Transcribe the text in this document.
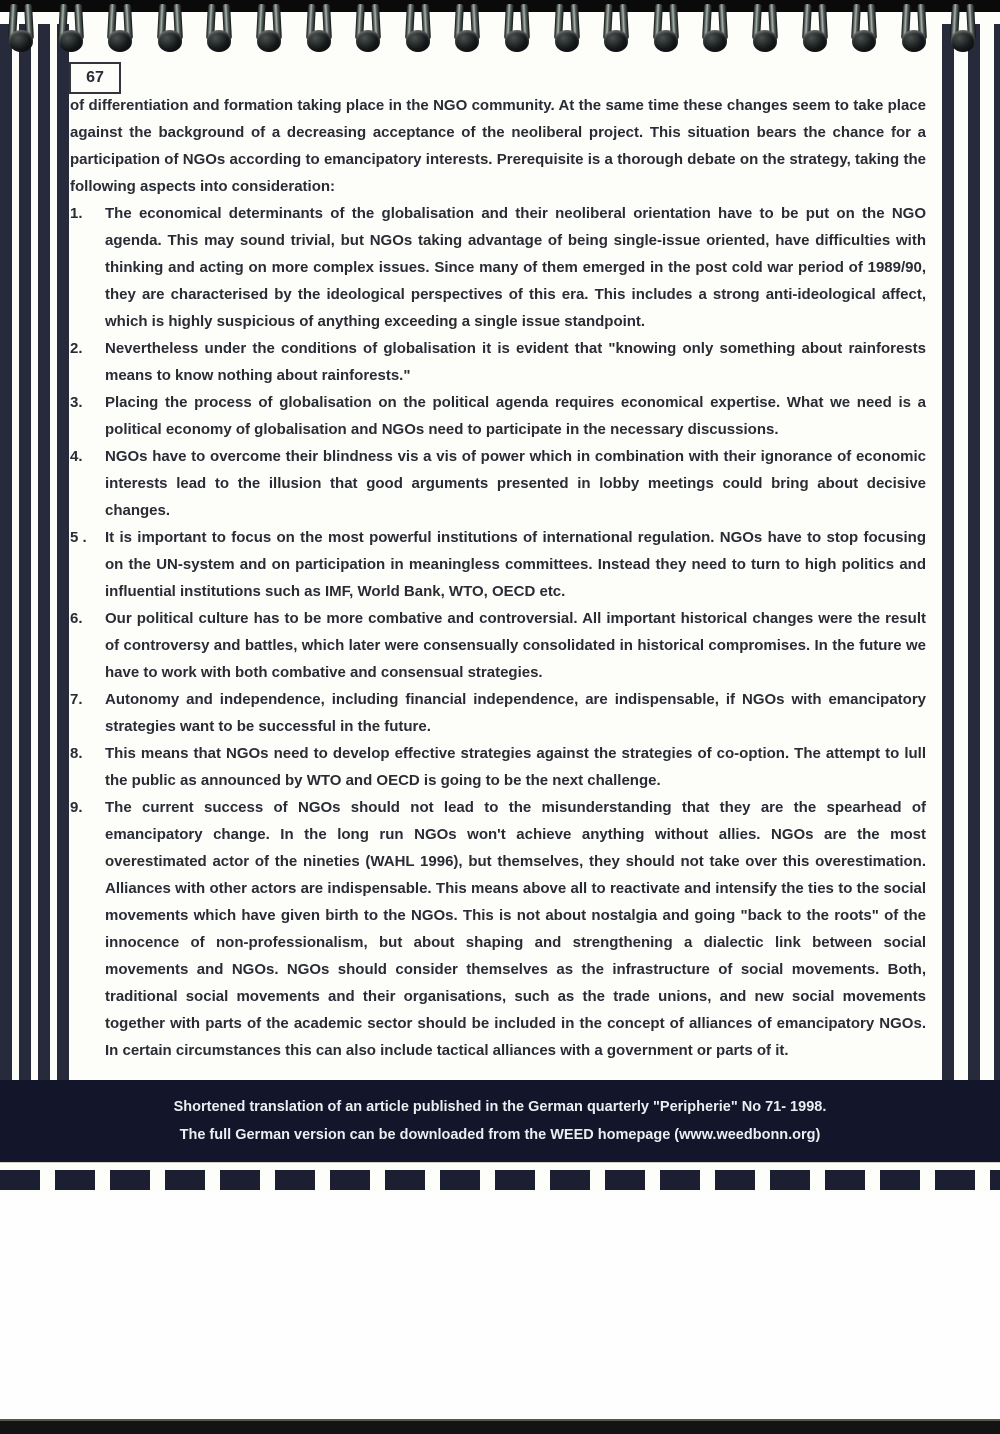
67

of differentiation and formation taking place in the NGO community. At the same time these changes seem to take place against the background of a decreasing acceptance of the neoliberal project. This situation bears the chance for a participation of NGOs according to emancipatory interests. Prerequisite is a thorough debate on the strategy, taking the following aspects into consideration:

1.	The economical determinants of the globalisation and their neoliberal orientation have to be put on the NGO agenda. This may sound trivial, but NGOs taking advantage of being single-issue oriented, have difficulties with thinking and acting on more complex issues. Since many of them emerged in the post cold war period of 1989/90, they are characterised by the ideological perspectives of this era. This includes a strong anti-ideological affect, which is highly suspicious of anything exceeding a single issue standpoint.
2.	Nevertheless under the conditions of globalisation it is evident that "knowing only something about rainforests means to know nothing about rainforests."
3.	Placing the process of globalisation on the political agenda requires economical expertise. What we need is a political economy of globalisation and NGOs need to participate in the necessary discussions.
4.	NGOs have to overcome their blindness vis a vis of power which in combination with their ignorance of economic interests lead to the illusion that good arguments presented in lobby meetings could bring about decisive changes.
5 .	It is important to focus on the most powerful institutions of international regulation. NGOs have to stop focusing on the UN-system and on participation in meaningless committees. Instead they need to turn to high politics and influential institutions such as IMF, World Bank, WTO, OECD etc.
6.	Our political culture has to be more combative and controversial. All important historical changes were the result of controversy and battles, which later were consensually consolidated in historical compromises. In the future we have to work with both combative and consensual strategies.
7.	Autonomy and independence, including financial independence, are indispensable, if NGOs with emancipatory strategies want to be successful in the future.
8.	This means that NGOs need to develop effective strategies against the strategies of co-option. The attempt to lull the public as announced by WTO and OECD is going to be the next challenge.
9.	The current success of NGOs should not lead to the misunderstanding that they are the spearhead of emancipatory change. In the long run NGOs won't achieve anything without allies. NGOs are the most overestimated actor of the nineties (WAHL 1996), but themselves, they should not take over this overestimation. Alliances with other actors are indispensable. This means above all to reactivate and intensify the ties to the social movements which have given birth to the NGOs. This is not about nostalgia and going "back to the roots" of the innocence of non-professionalism, but about shaping and strengthening a dialectic link between social movements and NGOs. NGOs should consider themselves as the infrastructure of social movements. Both, traditional social movements and their organisations, such as the trade unions, and new social movements together with parts of the academic sector should be included in the concept of alliances of emancipatory NGOs. In certain circumstances this can also include tactical alliances with a government or parts of it.
Shortened translation of an article published in the German quarterly "Peripherie" No 71- 1998.
The full German version can be downloaded from the WEED homepage (www.weedbonn.org)
